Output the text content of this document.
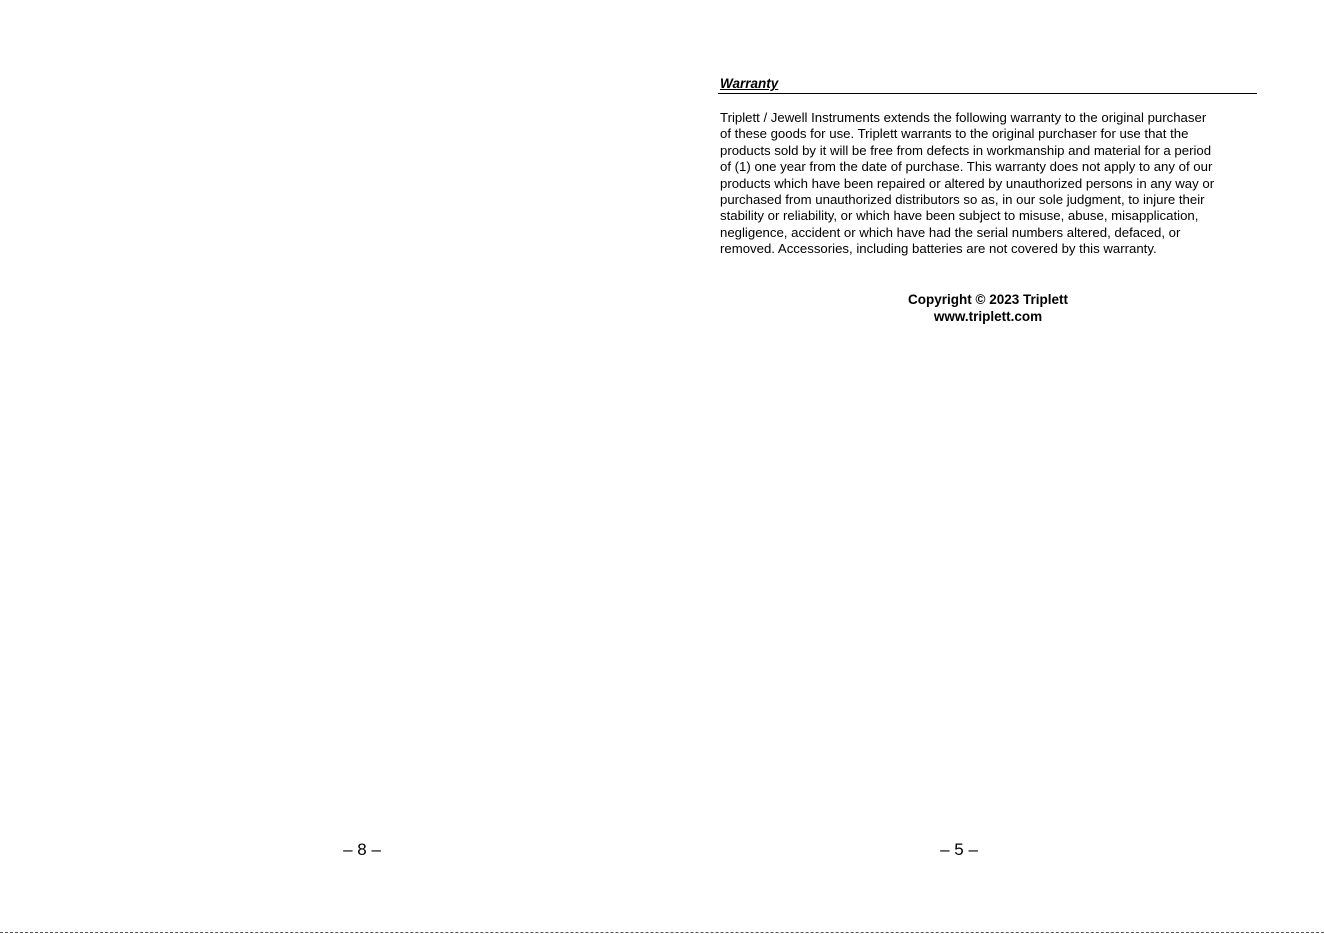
– 8 –
Warranty

Triplett / Jewell Instruments extends the following warranty to the original purchaser of these goods for use. Triplett warrants to the original purchaser for use that the products sold by it will be free from defects in workmanship and material for a period of (1) one year from the date of purchase. This warranty does not apply to any of our products which have been repaired or altered by unauthorized persons in any way or purchased from unauthorized distributors so as, in our sole judgment, to injure their stability or reliability, or which have been subject to misuse, abuse, misapplication, negligence, accident or which have had the serial numbers altered, defaced, or removed. Accessories, including batteries are not covered by this warranty.

Copyright © 2023 Triplett
www.triplett.com
– 5 –
